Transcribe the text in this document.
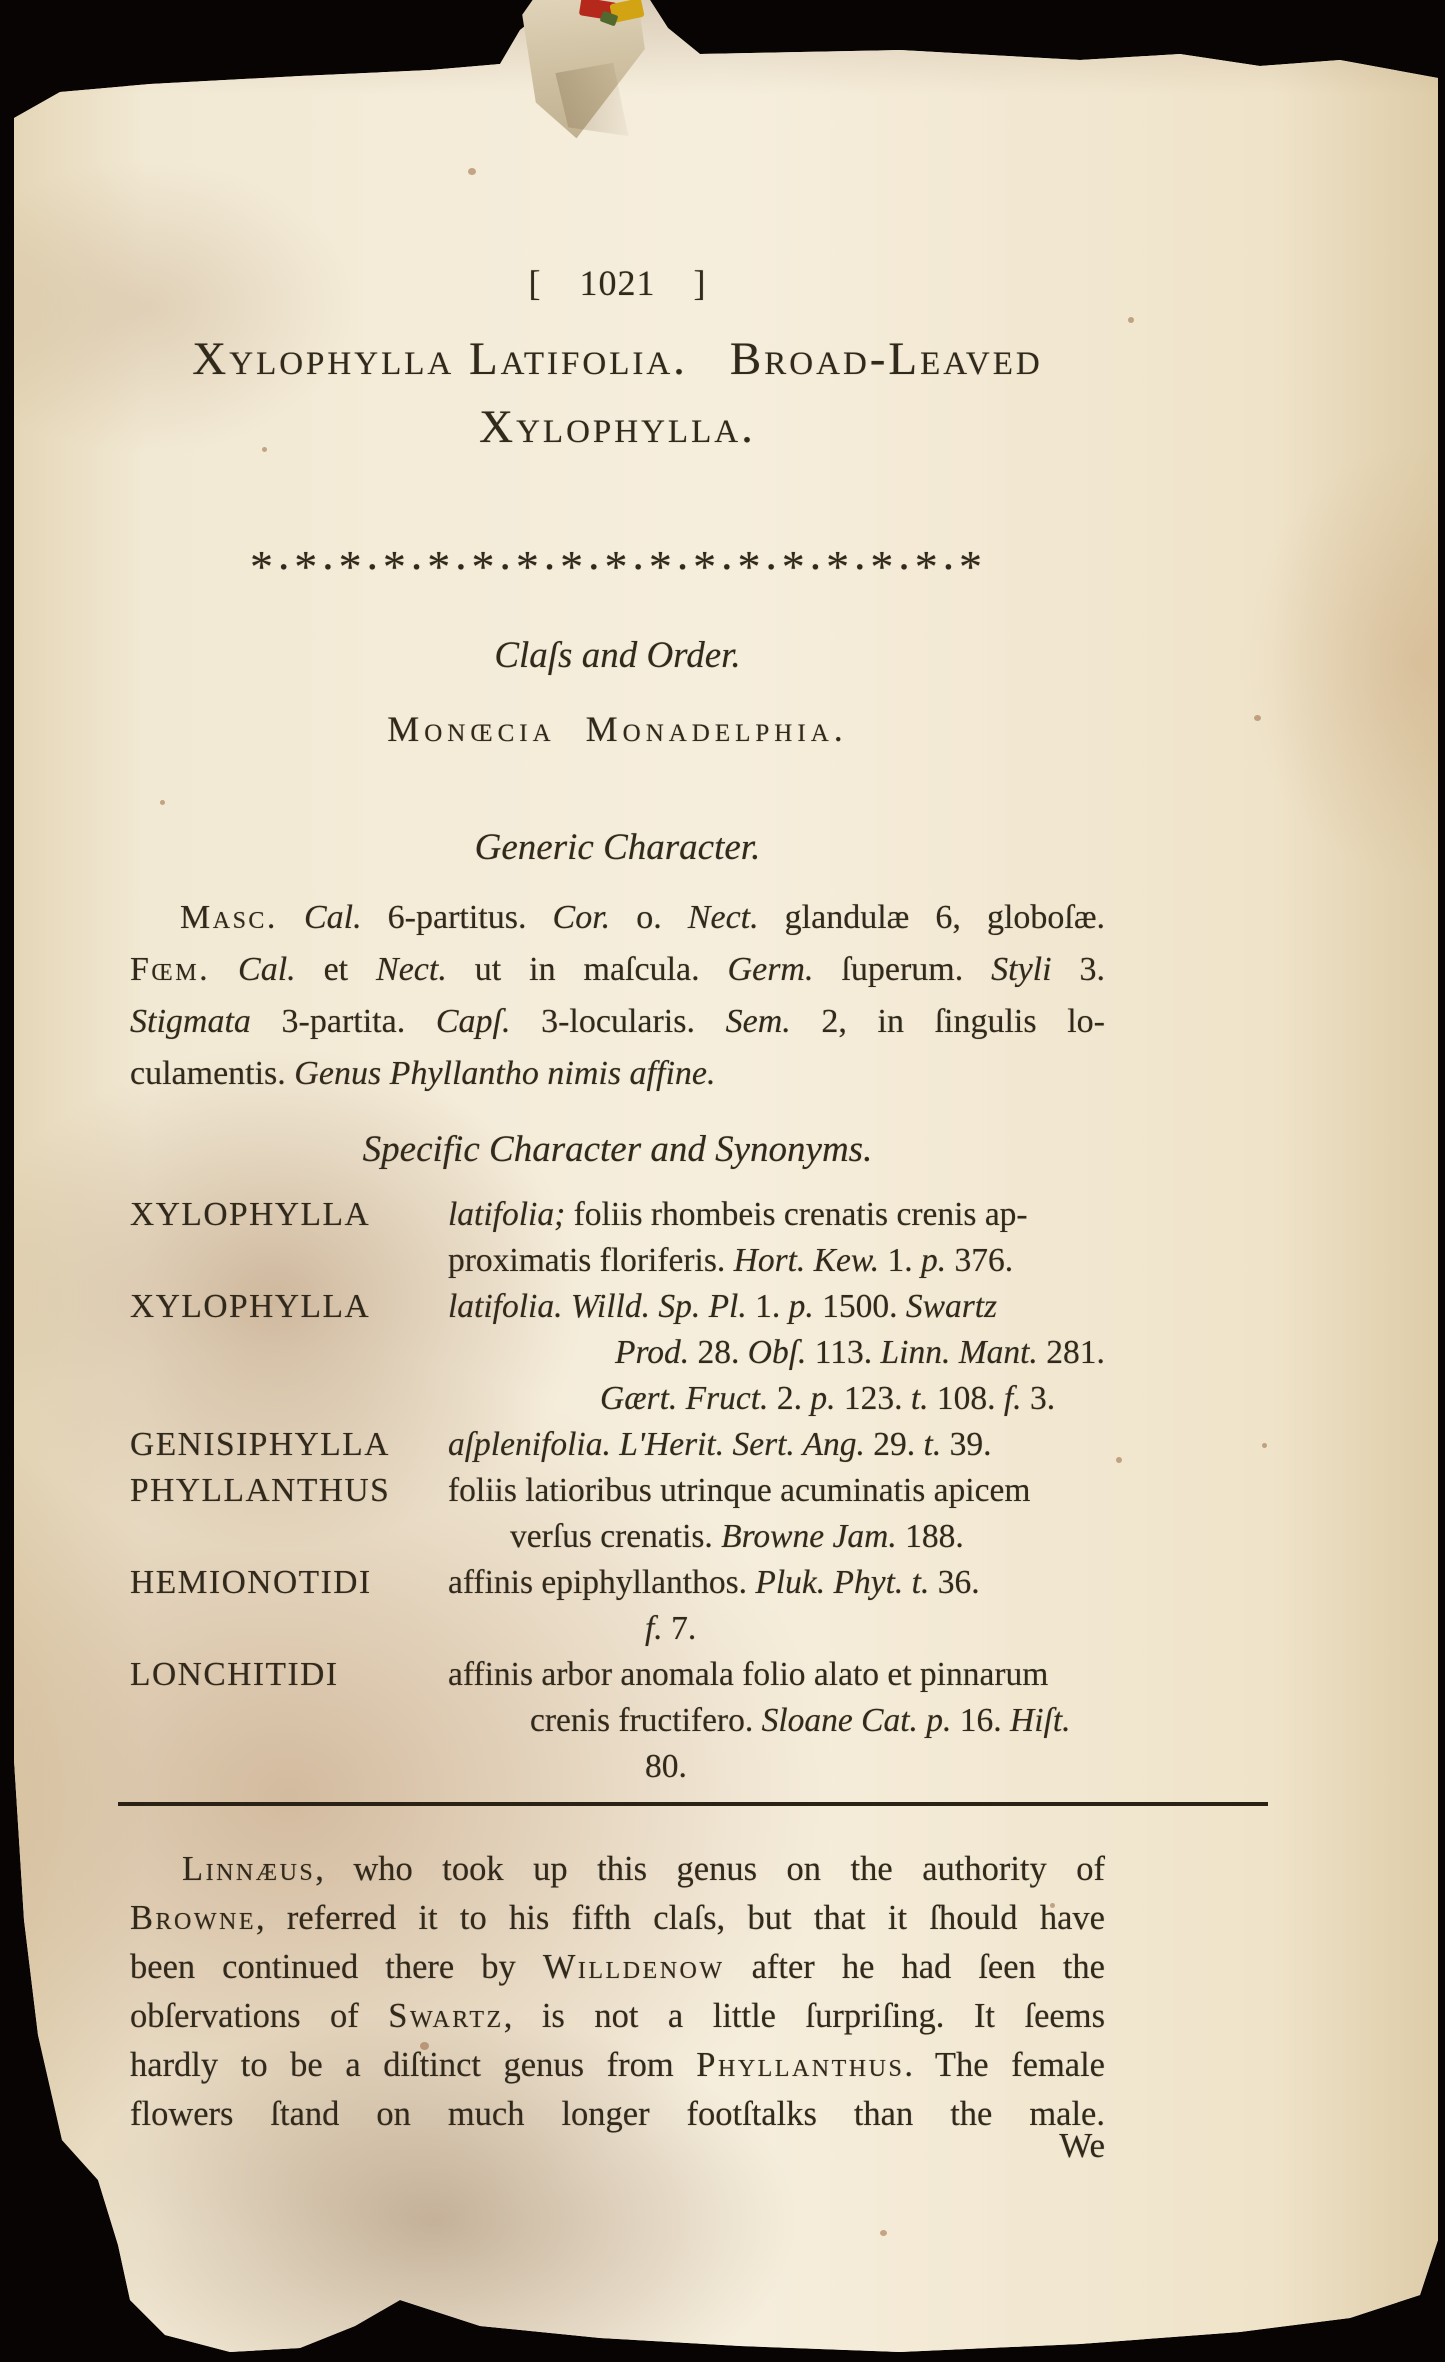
[  1021  ]
Xylophylla Latifolia. Broad-Leaved
Xylophylla.
*·*·*·*·*·*·*·*·*·*·*·*·*·*·*·*·*
Claſs and Order.
Monœcia Monadelphia.
Generic Character.
Masc. Cal. 6-partitus. Cor. o. Nect. glandulæ 6, globoſæ.
Fœm. Cal. et Nect. ut in maſcula. Germ. ſuperum. Styli 3.
Stigmata 3-partita. Capſ. 3-locularis. Sem. 2, in ſingulis lo-
culamentis. Genus Phyllantho nimis affine.
Specific Character and Synonyms.
XYLOPHYLLA latifolia; foliis rhombeis crenatis crenis ap-
proximatis floriferis. Hort. Kew. 1. p. 376.
XYLOPHYLLA latifolia. Willd. Sp. Pl. 1. p. 1500. Swartz
Prod. 28. Obſ. 113. Linn. Mant. 281.
Gært. Fruct. 2. p. 123. t. 108. f. 3.
GENISIPHYLLA aſplenifolia. L'Herit. Sert. Ang. 29. t. 39.
PHYLLANTHUS foliis latioribus utrinque acuminatis apicem
verſus crenatis. Browne Jam. 188.
HEMIONOTIDI affinis epiphyllanthos. Pluk. Phyt. t. 36.
f. 7.
LONCHITIDI	affinis arbor anomala folio alato et pinnarum
crenis fructifero. Sloane Cat. p. 16. Hiſt.
80.
Linnæus, who took up this genus on the authority of
Browne, referred it to his fifth claſs, but that it ſhould have
been continued there by Willdenow after he had ſeen the
obſervations of Swartz, is not a little ſurpriſing. It ſeems
hardly to be a diſtinct genus from Phyllanthus. The female
flowers ſtand on much longer footſtalks than the male.
We
